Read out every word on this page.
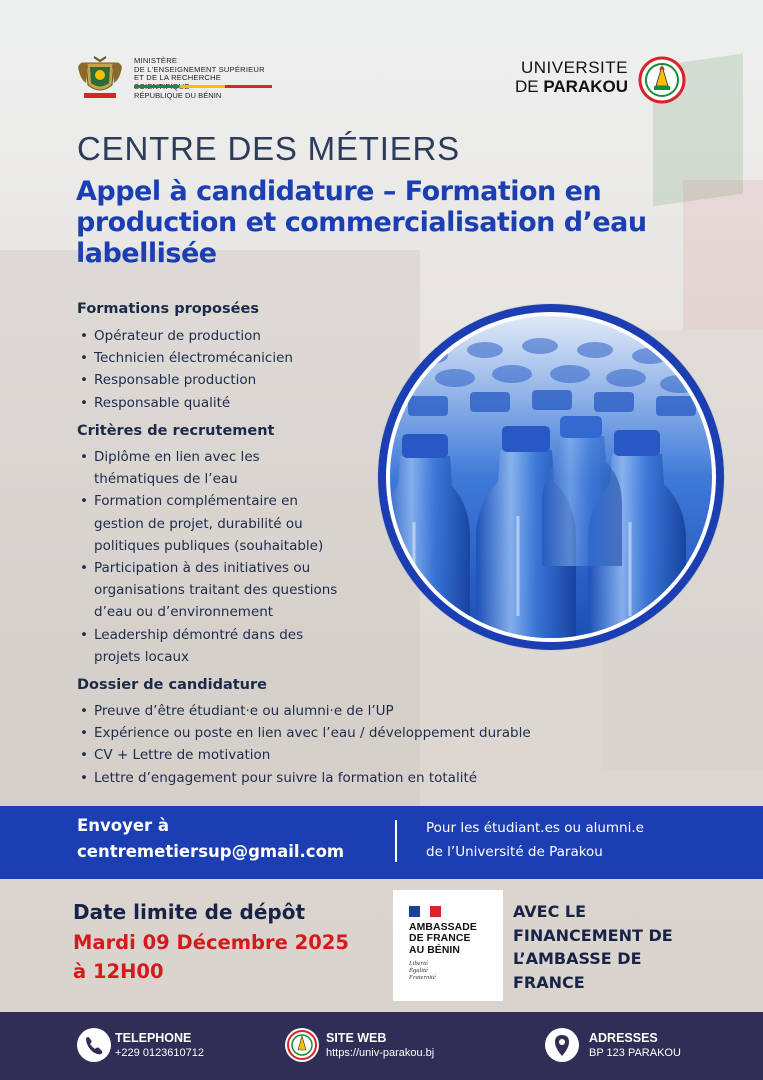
MINISTÈRE
DE L'ENSEIGNEMENT SUPÉRIEUR
ET DE LA RECHERCHE
RÉPUBLIQUE DU BÉNIN
UNIVERSITE
DE PARAKOU
CENTRE DES MÉTIERS
Appel à candidature – Formation en
production et commercialisation d’eau
labellisée
Formations proposées
• Opérateur de production
• Technicien électromécanicien
• Responsable production
• Responsable qualité
Critères de recrutement
• Diplôme en lien avec les
thématiques de l’eau
• Formation complémentaire en
gestion de projet, durabilité ou
politiques publiques (souhaitable)
• Participation à des initiatives ou
organisations traitant des questions
d’eau ou d’environnement
• Leadership démontré dans des
projets locaux
Dossier de candidature
• Preuve d’être étudiant·e ou alumni·e de l’UP
• Expérience ou poste en lien avec l’eau / développement durable
• CV + Lettre de motivation
• Lettre d’engagement pour suivre la formation en totalité
Envoyer à
centremetiersup@gmail.com
Pour les étudiant.es ou alumni.e
de l’Université de Parakou
Date limite de dépôt
Mardi 09 Décembre 2025
à 12H00
AMBASSADE
DE FRANCE
AU BÉNIN
Liberté
Égalité
Fraternité
AVEC LE
FINANCEMENT DE
L’AMBASSE DE
FRANCE
TELEPHONE
+229 0123610712
SITE WEB
https://univ-parakou.bj
ADRESSES
BP 123 PARAKOU
